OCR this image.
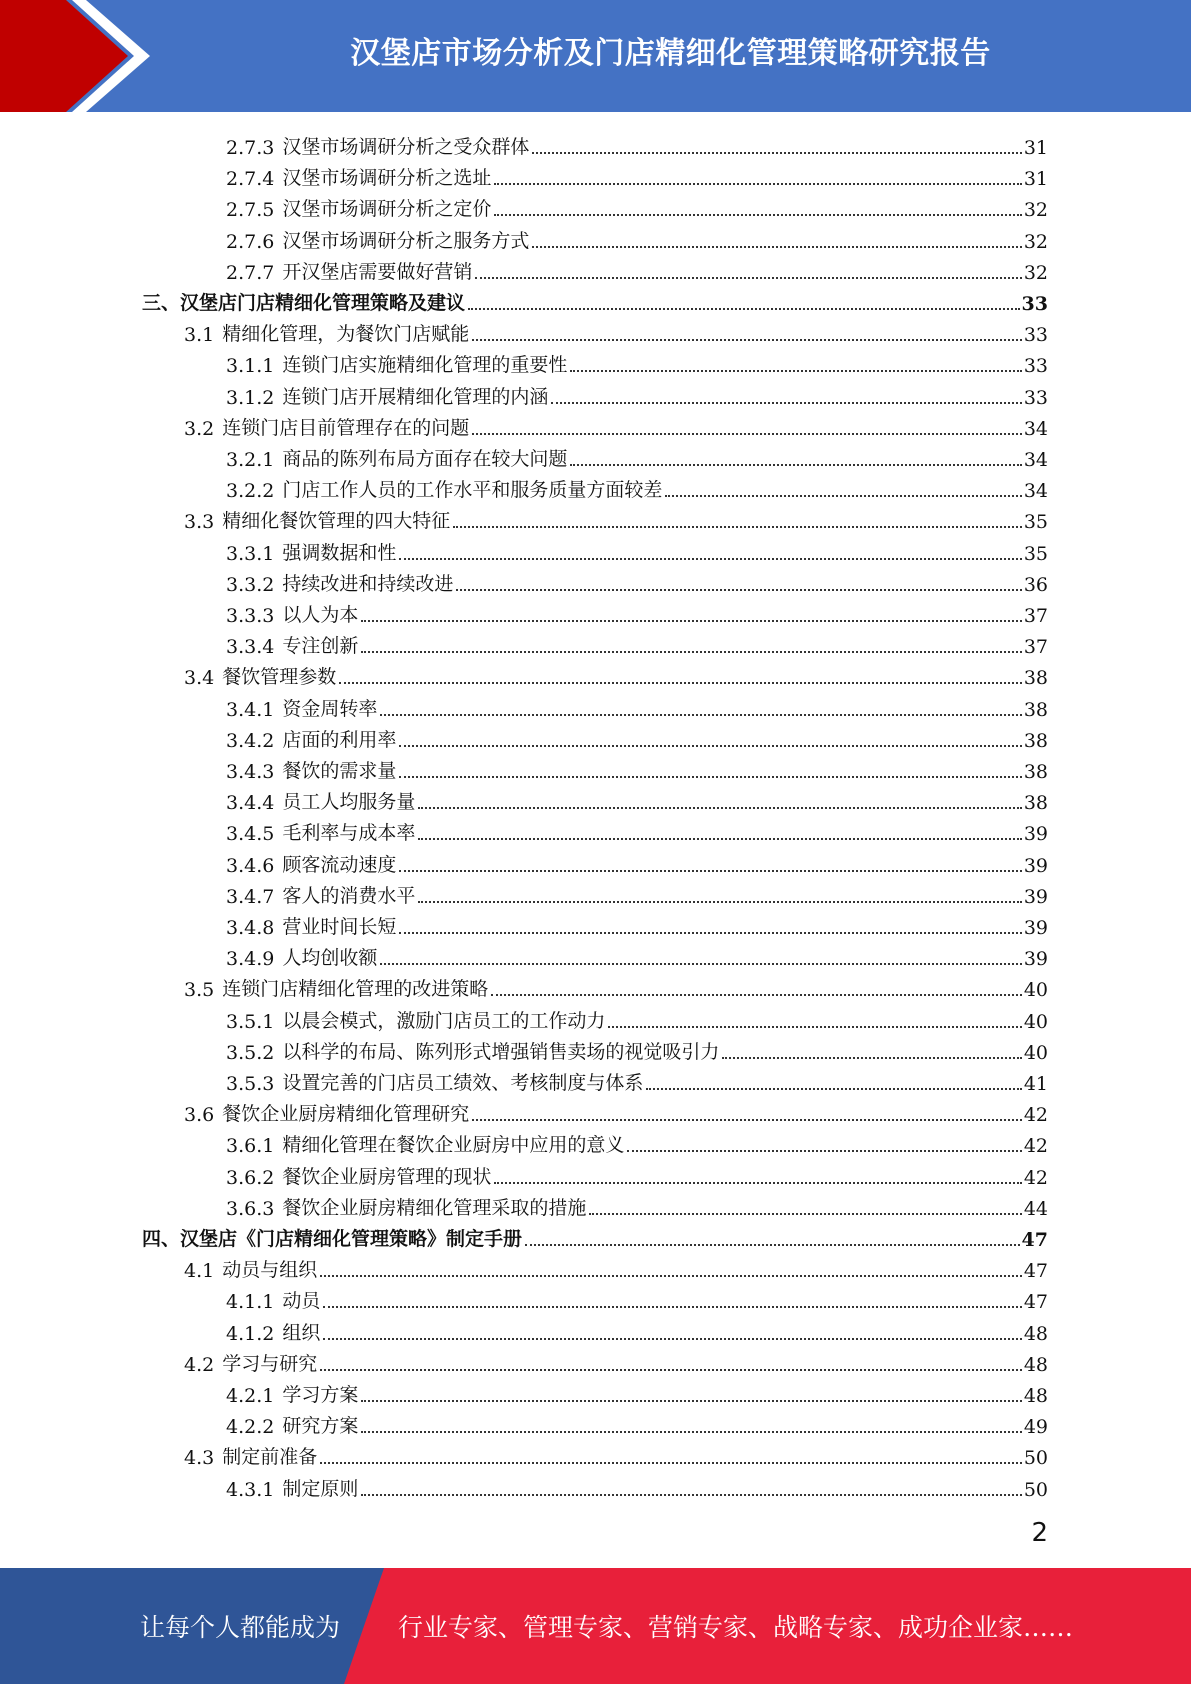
汉堡店市场分析及门店精细化管理策略研究报告
2.7.3 汉堡市场调研分析之受众群体	31
2.7.4 汉堡市场调研分析之选址	31
2.7.5 汉堡市场调研分析之定价	32
2.7.6 汉堡市场调研分析之服务方式	32
2.7.7 开汉堡店需要做好营销	32
三、汉堡店门店精细化管理策略及建议	33
3.1 精细化管理，为餐饮门店赋能	33
3.1.1 连锁门店实施精细化管理的重要性	33
3.1.2 连锁门店开展精细化管理的内涵	33
3.2 连锁门店目前管理存在的问题	34
3.2.1 商品的陈列布局方面存在较大问题	34
3.2.2 门店工作人员的工作水平和服务质量方面较差	34
3.3 精细化餐饮管理的四大特征	35
3.3.1 强调数据和性	35
3.3.2 持续改进和持续改进	36
3.3.3 以人为本	37
3.3.4 专注创新	37
3.4 餐饮管理参数	38
3.4.1 资金周转率	38
3.4.2 店面的利用率	38
3.4.3 餐饮的需求量	38
3.4.4 员工人均服务量	38
3.4.5 毛利率与成本率	39
3.4.6 顾客流动速度	39
3.4.7 客人的消费水平	39
3.4.8 营业时间长短	39
3.4.9 人均创收额	39
3.5 连锁门店精细化管理的改进策略	40
3.5.1 以晨会模式，激励门店员工的工作动力	40
3.5.2 以科学的布局、陈列形式增强销售卖场的视觉吸引力	40
3.5.3 设置完善的门店员工绩效、考核制度与体系	41
3.6 餐饮企业厨房精细化管理研究	42
3.6.1 精细化管理在餐饮企业厨房中应用的意义	42
3.6.2 餐饮企业厨房管理的现状	42
3.6.3 餐饮企业厨房精细化管理采取的措施	44
四、汉堡店《门店精细化管理策略》制定手册	47
4.1 动员与组织	47
4.1.1 动员	47
4.1.2 组织	48
4.2 学习与研究	48
4.2.1 学习方案	48
4.2.2 研究方案	49
4.3 制定前准备	50
4.3.1 制定原则	50
2
让每个人都能成为 行业专家、管理专家、营销专家、战略专家、成功企业家……
